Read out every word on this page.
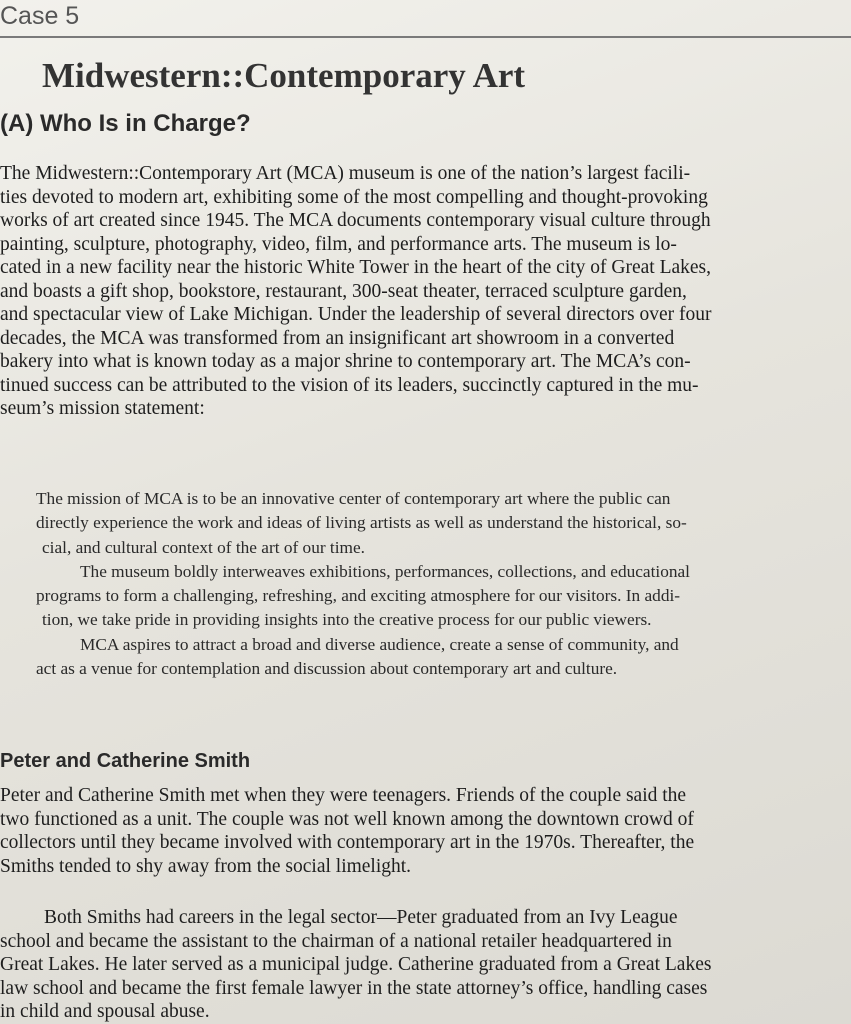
Case 5
Midwestern::Contemporary Art
(A) Who Is in Charge?
The Midwestern::Contemporary Art (MCA) museum is one of the nation’s largest facili-
ties devoted to modern art, exhibiting some of the most compelling and thought-provoking
works of art created since 1945. The MCA documents contemporary visual culture through
painting, sculpture, photography, video, film, and performance arts. The museum is lo-
cated in a new facility near the historic White Tower in the heart of the city of Great Lakes,
and boasts a gift shop, bookstore, restaurant, 300-seat theater, terraced sculpture garden,
and spectacular view of Lake Michigan. Under the leadership of several directors over four
decades, the MCA was transformed from an insignificant art showroom in a converted
bakery into what is known today as a major shrine to contemporary art. The MCA’s con-
tinued success can be attributed to the vision of its leaders, succinctly captured in the mu-
seum’s mission statement:
The mission of MCA is to be an innovative center of contemporary art where the public can
directly experience the work and ideas of living artists as well as understand the historical, so-
cial, and cultural context of the art of our time.
The museum boldly interweaves exhibitions, performances, collections, and educational
programs to form a challenging, refreshing, and exciting atmosphere for our visitors. In addi-
tion, we take pride in providing insights into the creative process for our public viewers.
MCA aspires to attract a broad and diverse audience, create a sense of community, and
act as a venue for contemplation and discussion about contemporary art and culture.
Peter and Catherine Smith
Peter and Catherine Smith met when they were teenagers. Friends of the couple said the
two functioned as a unit. The couple was not well known among the downtown crowd of
collectors until they became involved with contemporary art in the 1970s. Thereafter, the
Smiths tended to shy away from the social limelight.
Both Smiths had careers in the legal sector—Peter graduated from an Ivy League
school and became the assistant to the chairman of a national retailer headquartered in
Great Lakes. He later served as a municipal judge. Catherine graduated from a Great Lakes
law school and became the first female lawyer in the state attorney’s office, handling cases
in child and spousal abuse.
